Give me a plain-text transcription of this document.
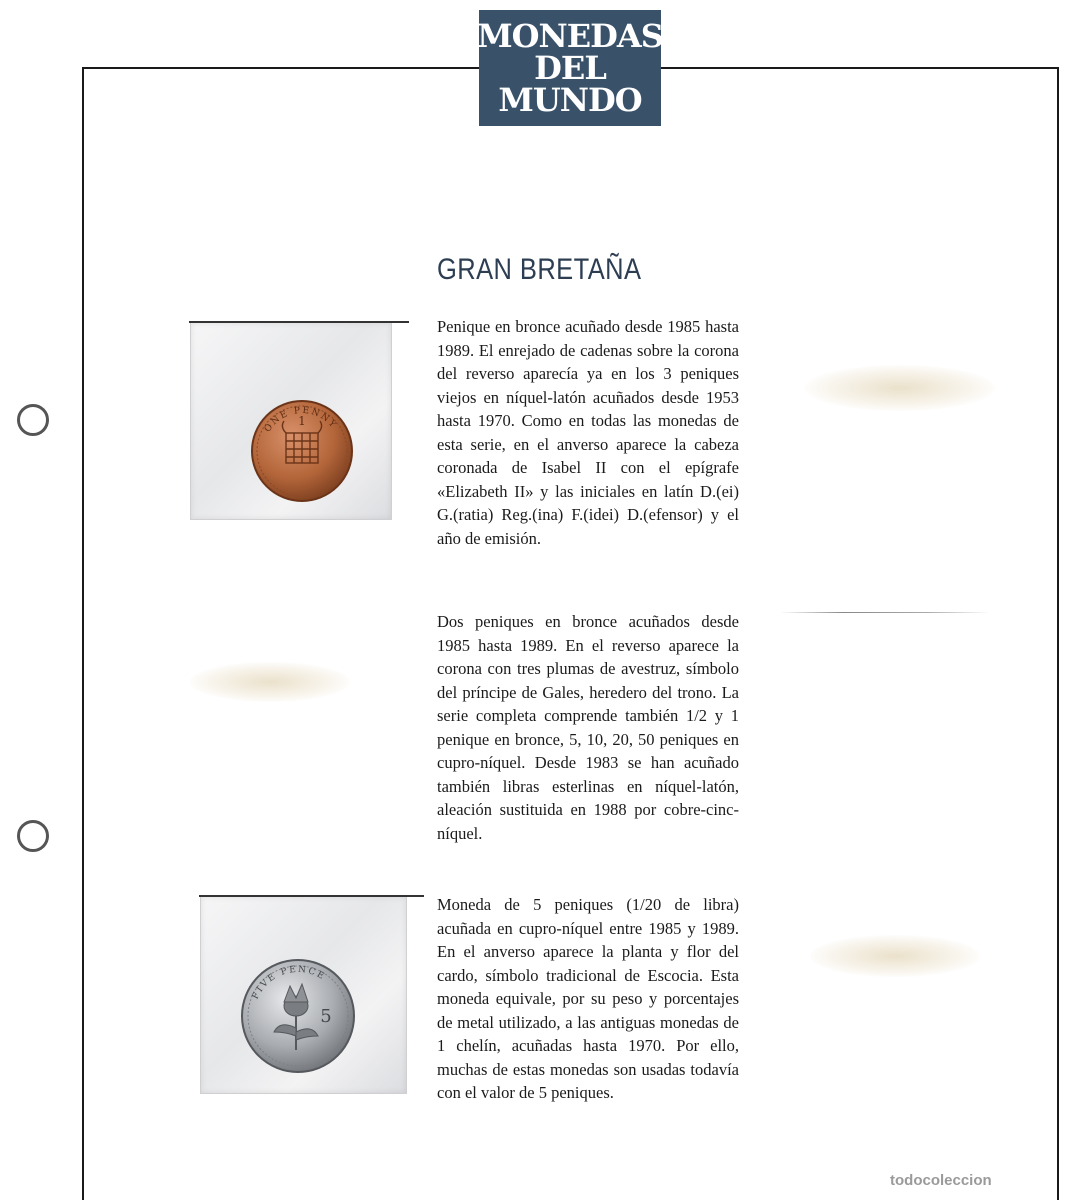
MONEDAS
DEL
MUNDO
GRAN BRETAÑA
1
ONE PENNY
Penique en bronce acuñado desde 1985 hasta 1989. El enrejado de cadenas sobre la corona del reverso aparecía ya en los 3 peniques viejos en níquel-latón acuñados desde 1953 hasta 1970. Como en todas las monedas de esta serie, en el anverso aparece la cabeza coronada de Isabel II con el epígrafe «Elizabeth II» y las iniciales en latín D.(ei) G.(ratia) Reg.(ina) F.(idei) D.(efensor) y el año de emisión.
Dos peniques en bronce acuñados desde 1985 hasta 1989. En el reverso aparece la corona con tres plumas de avestruz, símbolo del príncipe de Gales, heredero del trono. La serie completa comprende también 1/2 y 1 penique en bronce, 5, 10, 20, 50 peniques en cupro-níquel. Desde 1983 se han acuñado también libras esterlinas en níquel-latón, aleación sustituida en 1988 por cobre-cinc-níquel.
5
FIVE PENCE
Moneda de 5 peniques (1/20 de libra) acuñada en cupro-níquel entre 1985 y 1989. En el anverso aparece la planta y flor del cardo, símbolo tradicional de Escocia. Esta moneda equivale, por su peso y porcentajes de metal utilizado, a las antiguas monedas de 1 chelín, acuñadas hasta 1970. Por ello, muchas de estas monedas son usadas todavía con el valor de 5 peniques.
todocoleccion
